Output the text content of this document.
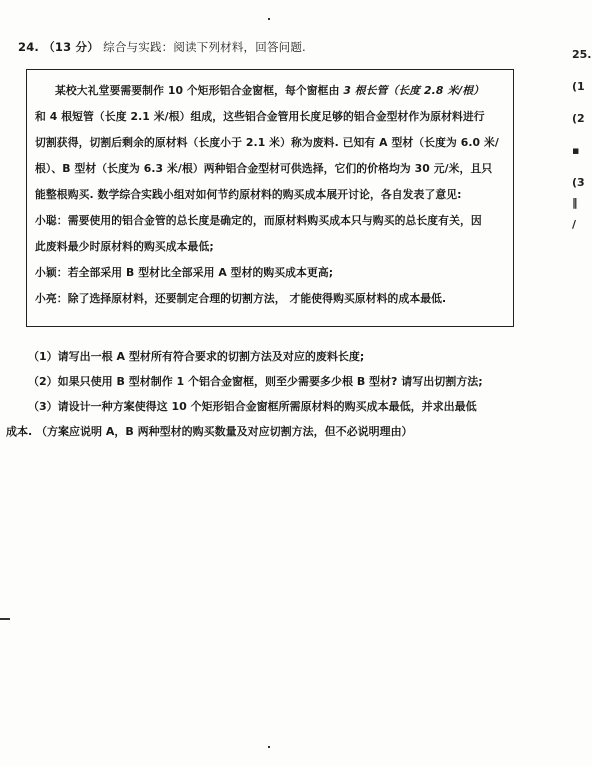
24. （13 分） 综合与实践：阅读下列材料，回答问题.
某校大礼堂要需要制作 10 个矩形铝合金窗框，每个窗框由 3 根长管（长度 2.8 米/根）
和 4 根短管（长度 2.1 米/根）组成，这些铝合金管用长度足够的铝合金型材作为原材料进行
切割获得，切割后剩余的原材料（长度小于 2.1 米）称为废料. 已知有 A 型材（长度为 6.0 米/
根）、B 型材（长度为 6.3 米/根）两种铝合金型材可供选择，它们的价格均为 30 元/米，且只
能整根购买. 数学综合实践小组对如何节约原材料的购买成本展开讨论，各自发表了意见:
小聪：需要使用的铝合金管的总长度是确定的，而原材料购买成本只与购买的总长度有关，因
此废料最少时原材料的购买成本最低;
小颖：若全部采用 B 型材比全部采用 A 型材的购买成本更高;
小亮：除了选择原材料，还要制定合理的切割方法， 才能使得购买原材料的成本最低.
（1）请写出一根 A 型材所有符合要求的切割方法及对应的废料长度;
（2）如果只使用 B 型材制作 1 个铝合金窗框，则至少需要多少根 B 型材? 请写出切割方法;
（3）请设计一种方案使得这 10 个矩形铝合金窗框所需原材料的购买成本最低，并求出最低
成本. （方案应说明 A，B 两种型材的购买数量及对应切割方法，但不必说明理由）
25.
(1
(2
▪
(3
‖
/
